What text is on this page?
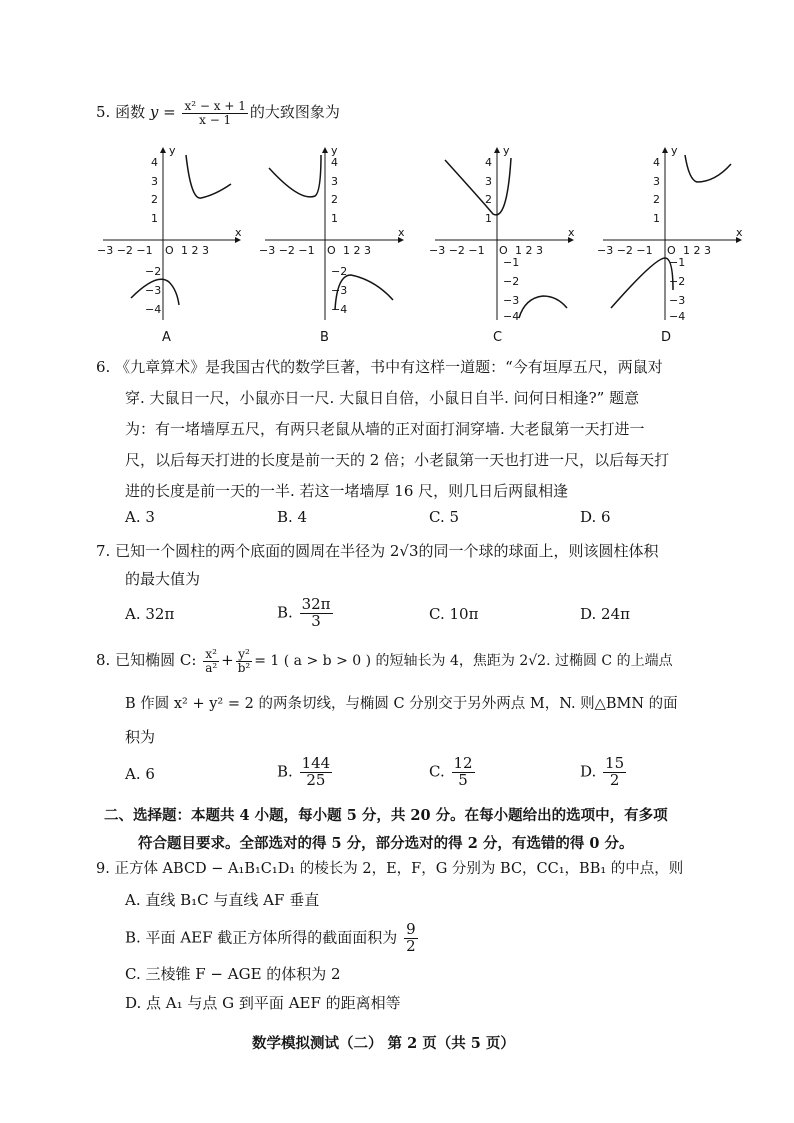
5. 函数 $y = \frac{\text{x² − x + 1}}{x - 1}$ 的大致图象为
x
y
−3 −2 −1 O 1 2 3
4
3
2
1
−2
−3
−4
x
y
−3 −2 −1 O 1 2 3
4
3
2
1
−2
−3
−4
x
y
−3 −2 −1 O 1 2 3
4
3
2
1
−1
−2
−3
−4
x
y
−3 −2 −1 O 1 2 3
4
3
2
1
−1
−2
−3
−4
A	B	C	D
6. 《九章算术》是我国古代的数学巨著，书中有这样一道题：“今有垣厚五尺，两鼠对
穿. 大鼠日一尺，小鼠亦日一尺. 大鼠日自倍，小鼠日自半. 问何日相逢?” 题意
为：有一堵墙厚五尺，有两只老鼠从墙的正对面打洞穿墙. 大老鼠第一天打进一
尺，以后每天打进的长度是前一天的 2 倍；小老鼠第一天也打进一尺，以后每天打
进的长度是前一天的一半. 若这一堵墙厚 16 尺，则几日后两鼠相逢
A. 3	B. 4	C. 5	D. 6
7. 已知一个圆柱的两个底面的圆周在半径为 2√3的同一个球的球面上，则该圆柱体积
的最大值为
A. 32π	B. $\frac{32\pi}{3}$	C. 10π	D. 24π
8. 已知椭圆 C: $\frac{\text{x²}}{\text{a²}} + \frac{\text{y²}}{\text{b²}} = 1$ ( a > b > 0 ) 的短轴长为 4，焦距为 2√2. 过椭圆 C 的上端点
B 作圆 x² + y² = 2 的两条切线，与椭圆 C 分别交于另外两点 M，N. 则△BMN 的面
积为
A. 6	B. $\frac{144}{25}$	C. $\frac{12}{5}$	D. $\frac{15}{2}$
二、选择题：本题共 4 小题，每小题 5 分，共 20 分。在每小题给出的选项中，有多项
符合题目要求。全部选对的得 5 分，部分选对的得 2 分，有选错的得 0 分。
9. 正方体 ABCD − A₁B₁C₁D₁ 的棱长为 2，E，F，G 分别为 BC，CC₁，BB₁ 的中点，则
A. 直线 B₁C 与直线 AF 垂直
B. 平面 AEF 截正方体所得的截面面积为 $\frac{9}{2}$
C. 三棱锥 F − AGE 的体积为 2
D. 点 A₁ 与点 G 到平面 AEF 的距离相等
数学模拟测试（二） 第 2 页（共 5 页）
